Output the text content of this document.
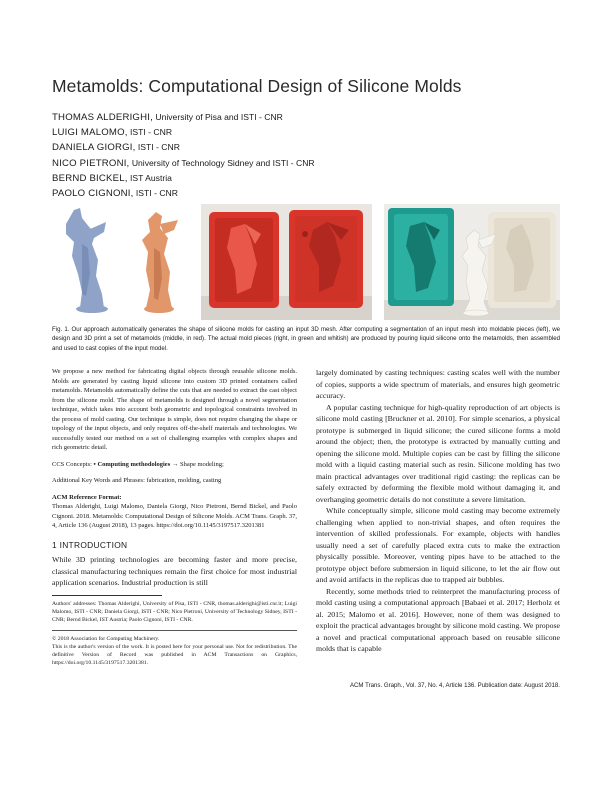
Metamolds: Computational Design of Silicone Molds
THOMAS ALDERIGHI, University of Pisa and ISTI - CNR
LUIGI MALOMO, ISTI - CNR
DANIELA GIORGI, ISTI - CNR
NICO PIETRONI, University of Technology Sidney and ISTI - CNR
BERND BICKEL, IST Austria
PAOLO CIGNONI, ISTI - CNR
Fig. 1. Our approach automatically generates the shape of silicone molds for casting an input 3D mesh. After computing a segmentation of an input mesh into moldable pieces (left), we design and 3D print a set of metamolds (middle, in red). The actual mold pieces (right, in green and whitish) are produced by pouring liquid silicone onto the metamolds, then assembled and used to cast copies of the input model.

We propose a new method for fabricating digital objects through reusable silicone molds. Molds are generated by casting liquid silicone into custom 3D printed containers called metamolds. Metamolds automatically define the cuts that are needed to extract the cast object from the silicone mold. The shape of metamolds is designed through a novel segmentation technique, which takes into account both geometric and topological constraints involved in the process of mold casting. Our technique is simple, does not require changing the shape or topology of the input objects, and only requires off-the-shelf materials and technologies. We successfully tested our method on a set of challenging examples with complex shapes and rich geometric detail.

CCS Concepts: • Computing methodologies → Shape modeling;

Additional Key Words and Phrases: fabrication, molding, casting

ACM Reference Format:

Thomas Alderighi, Luigi Malomo, Daniela Giorgi, Nico Pietroni, Bernd Bickel, and Paolo Cignoni. 2018. Metamolds: Computational Design of Silicone Molds. ACM Trans. Graph. 37, 4, Article 136 (August 2018), 13 pages. https://doi.org/10.1145/3197517.3201381

1 INTRODUCTION

While 3D printing technologies are becoming faster and more precise, classical manufacturing techniques remain the first choice for most industrial application scenarios. Industrial production is still

Authors' addresses: Thomas Alderighi, University of Pisa, ISTI - CNR, thomas.alderighi@isti.cnr.it; Luigi Malomo, ISTI - CNR; Daniela Giorgi, ISTI - CNR; Nico Pietroni, University of Technology Sidney, ISTI - CNR; Bernd Bickel, IST Austria; Paolo Cignoni, ISTI - CNR.

© 2018 Association for Computing Machinery.

This is the author's version of the work. It is posted here for your personal use. Not for redistribution. The definitive Version of Record was published in ACM Transactions on Graphics, https://doi.org/10.1145/3197517.3201381.

largely dominated by casting techniques: casting scales well with the number of copies, supports a wide spectrum of materials, and ensures high geometric accuracy.

A popular casting technique for high-quality reproduction of art objects is silicone mold casting [Bruckner et al. 2010]. For simple scenarios, a physical prototype is submerged in liquid silicone; the cured silicone forms a mold around the object; then, the prototype is extracted by manually cutting and opening the silicone mold. Multiple copies can be cast by filling the silicone mold with a liquid casting material such as resin. Silicone molding has two main practical advantages over traditional rigid casting: the replicas can be safely extracted by deforming the flexible mold without damaging it, and overhanging geometric details do not constitute a severe limitation.

While conceptually simple, silicone mold casting may become extremely challenging when applied to non-trivial shapes, and often requires the intervention of skilled professionals. For example, objects with handles usually need a set of carefully placed extra cuts to make the extraction physically possible. Moreover, venting pipes have to be attached to the prototype object before submersion in liquid silicone, to let the air flow out and avoid artifacts in the replicas due to trapped air bubbles.

Recently, some methods tried to reinterpret the manufacturing process of mold casting using a computational approach [Babaei et al. 2017; Herholz et al. 2015; Malomo et al. 2016]. However, none of them was designed to exploit the practical advantages brought by silicone mold casting. We propose a novel and practical computational approach based on reusable silicone molds that is capable

ACM Trans. Graph., Vol. 37, No. 4, Article 136. Publication date: August 2018.
